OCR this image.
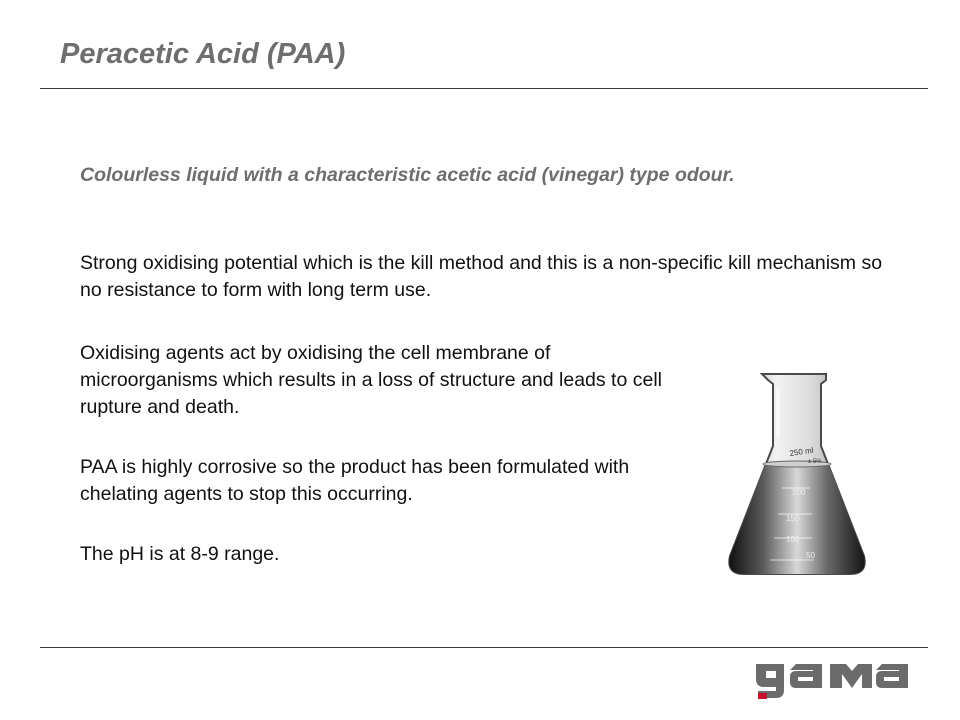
Peracetic Acid (PAA)

Colourless liquid with a characteristic acetic acid (vinegar) type odour.

Strong oxidising potential which is the kill method and this is a non-specific kill mechanism so no resistance to form with long term use.

Oxidising agents act by oxidising the cell membrane of microorganisms which results in a loss of structure and leads to cell rupture and death.

PAA is highly corrosive so the product has been formulated with chelating agents to stop this occurring.

The pH is at 8-9 range.

250 ml
± 5%
200
150
100
50
